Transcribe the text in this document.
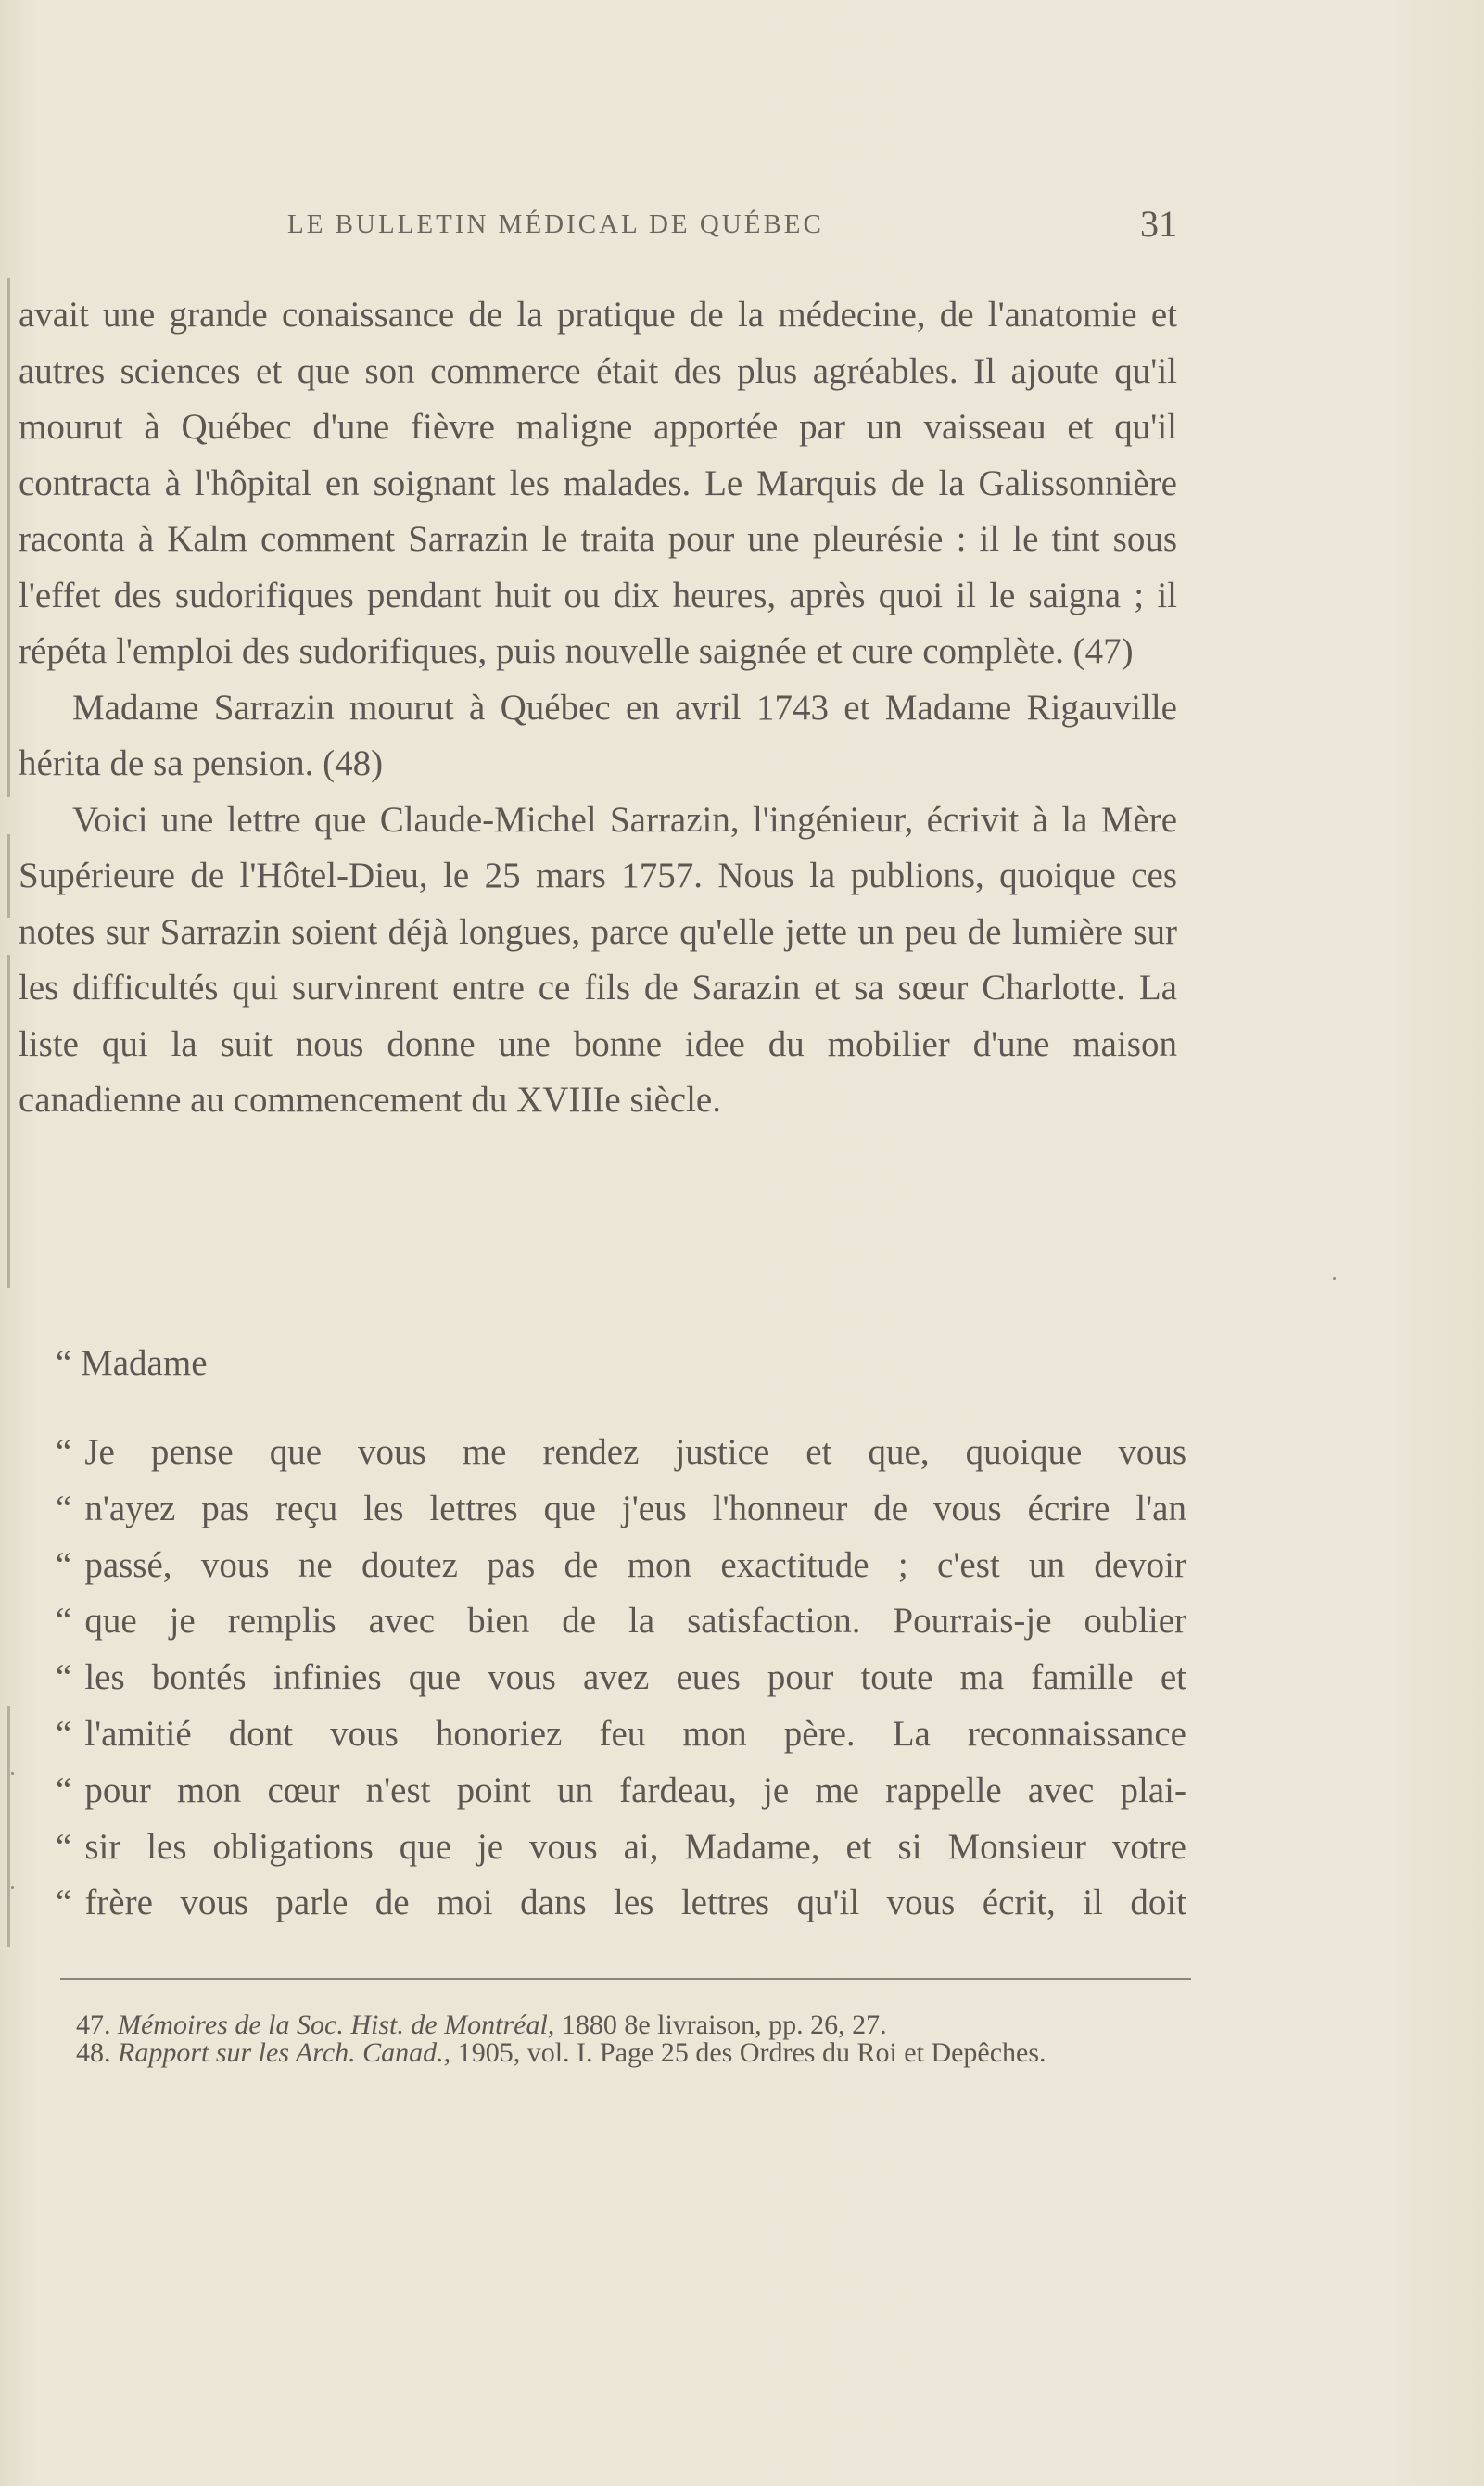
LE BULLETIN MÉDICAL DE QUÉBEC	31

avait une grande conaissance de la pratique de la médecine, de l'anatomie et autres sciences et que son commerce était des plus agréables. Il ajoute qu'il mourut à Québec d'une fièvre maligne apportée par un vaisseau et qu'il contracta à l'hôpital en soignant les malades. Le Marquis de la Galissonnière raconta à Kalm comment Sarrazin le traita pour une pleurésie : il le tint sous l'effet des sudorifiques pendant huit ou dix heures, après quoi il le saigna ; il répéta l'emploi des sudorifiques, puis nouvelle saignée et cure complète. (47)

Madame Sarrazin mourut à Québec en avril 1743 et Madame Rigauville hérita de sa pension. (48)

Voici une lettre que Claude-Michel Sarrazin, l'ingénieur, écrivit à la Mère Supérieure de l'Hôtel-Dieu, le 25 mars 1757. Nous la publions, quoique ces notes sur Sarrazin soient déjà longues, parce qu'elle jette un peu de lumière sur les difficultés qui survinrent entre ce fils de Sarazin et sa sœur Charlotte. La liste qui la suit nous donne une bonne idee du mobilier d'une maison canadienne au commencement du XVIIIe siècle.

“ Madame
“ Je pense que vous me rendez justice et que, quoique vous
“ n'ayez pas reçu les lettres que j'eus l'honneur de vous écrire l'an
“ passé, vous ne doutez pas de mon exactitude ; c'est un devoir
“ que je remplis avec bien de la satisfaction. Pourrais-je oublier
“ les bontés infinies que vous avez eues pour toute ma famille et
“ l'amitié dont vous honoriez feu mon père. La reconnaissance
“ pour mon cœur n'est point un fardeau, je me rappelle avec plai-
“ sir les obligations que je vous ai, Madame, et si Monsieur votre
“ frère vous parle de moi dans les lettres qu'il vous écrit, il doit

47. Mémoires de la Soc. Hist. de Montréal, 1880 8e livraison, pp. 26, 27.

48. Rapport sur les Arch. Canad., 1905, vol. I. Page 25 des Ordres du Roi et Depêches.
